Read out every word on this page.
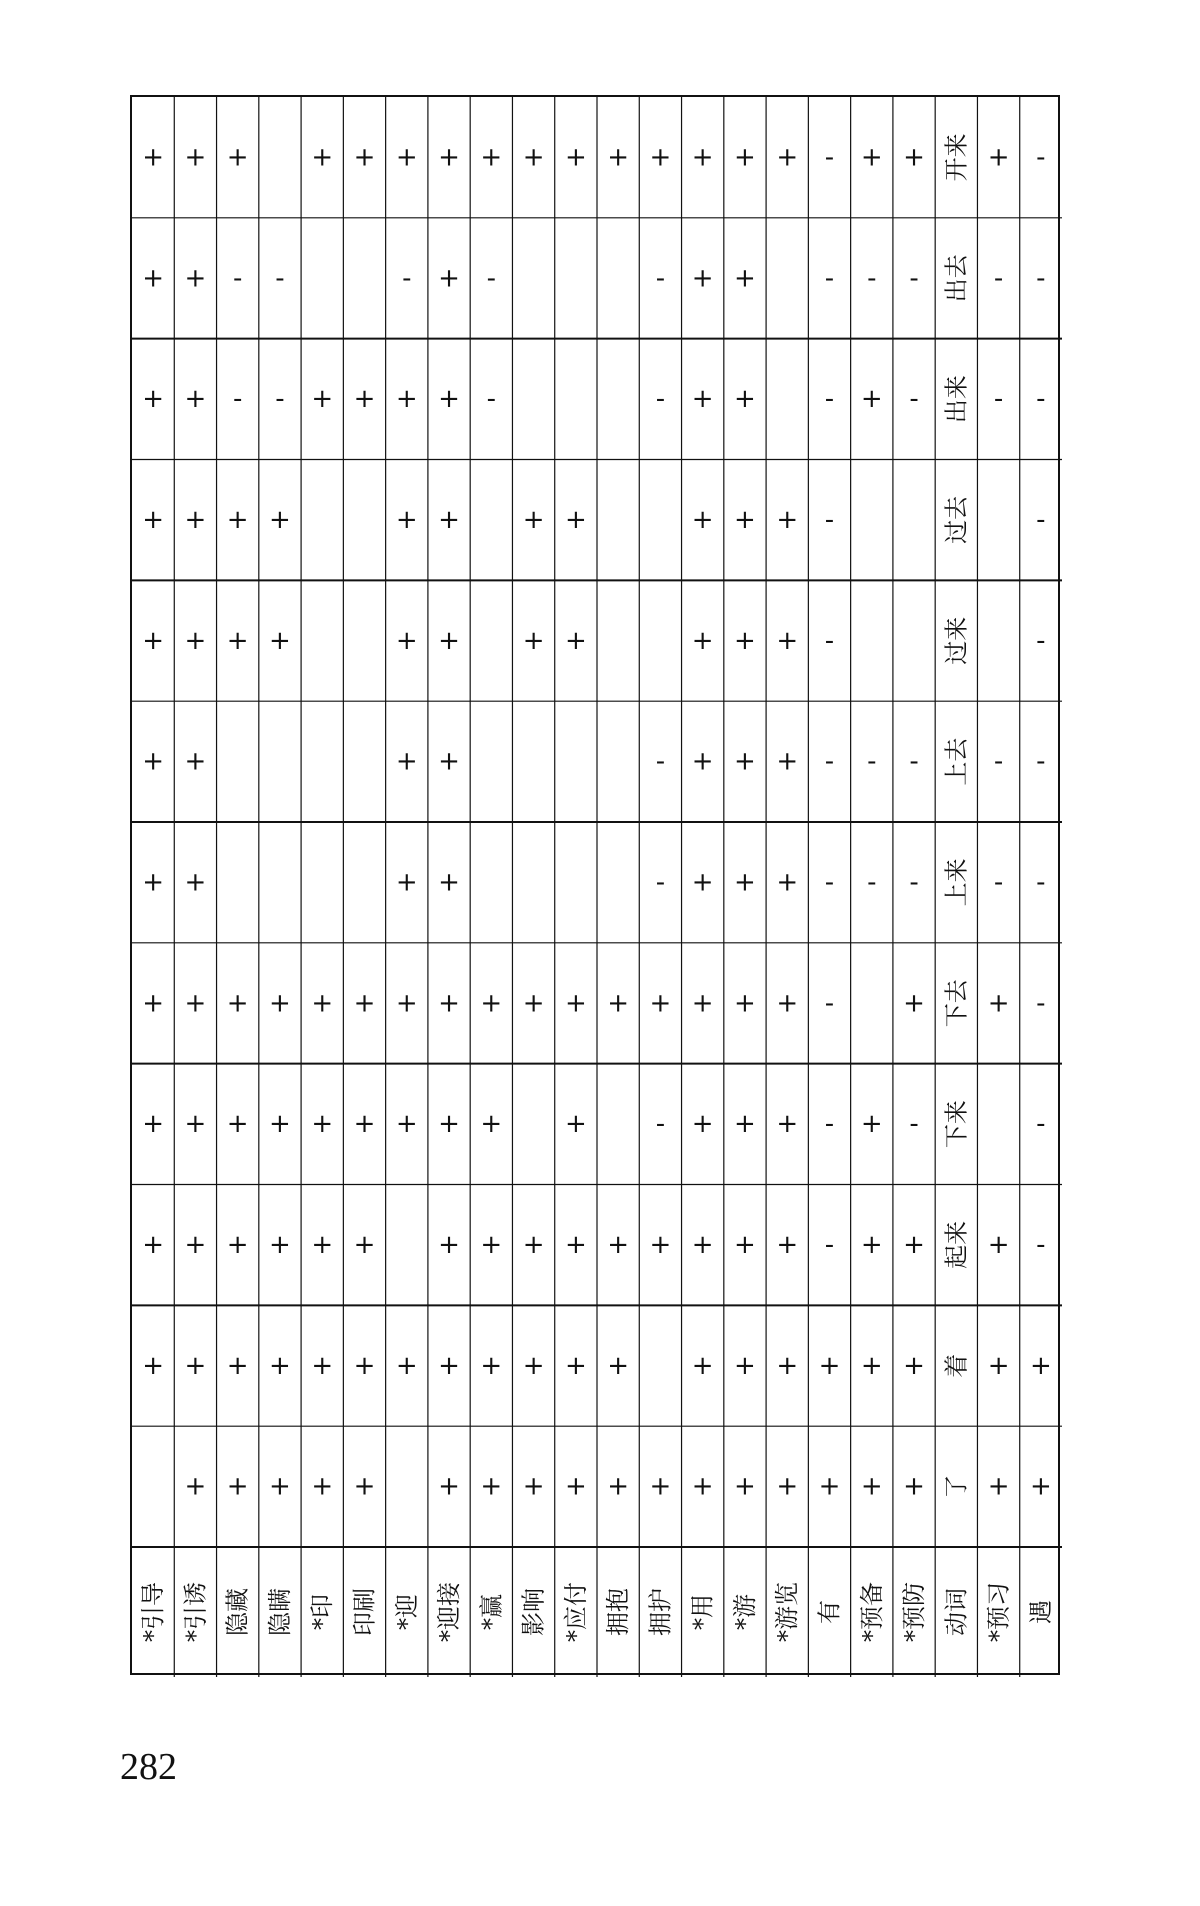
*引导
+
+
+
+
+
+
+
+
+
+
+
*引诱
+
+
+
+
+
+
+
+
+
+
+
+
隐藏
+
+
+
+
+
+
+
-
-
+
隐瞒
+
+
+
+
+
+
+
-
-
*印
+
+
+
+
+
+
+
印刷
+
+
+
+
+
+
+
*迎
+
+
+
+
+
+
+
+
-
+
*迎接
+
+
+
+
+
+
+
+
+
+
+
+
*赢
+
+
+
+
+
-
-
+
影响
+
+
+
+
+
+
+
*应付
+
+
+
+
+
+
+
+
拥抱
+
+
+
+
+
拥护
+
+
-
+
-
-
-
-
+
*用
+
+
+
+
+
+
+
+
+
+
+
+
*游
+
+
+
+
+
+
+
+
+
+
+
+
*游览
+
+
+
+
+
+
+
+
+
+
有
+
+
-
-
-
-
-
-
-
-
-
-
*预备
+
+
+
+
-
-
+
-
+
*预防
+
+
+
-
+
-
-
-
-
+
动词
了
着
起来
下来
下去
上来
上去
过来
过去
出来
出去
开来
*预习
+
+
+
+
-
-
-
-
+
遇
+
+
-
-
-
-
-
-
-
-
-
-
282
